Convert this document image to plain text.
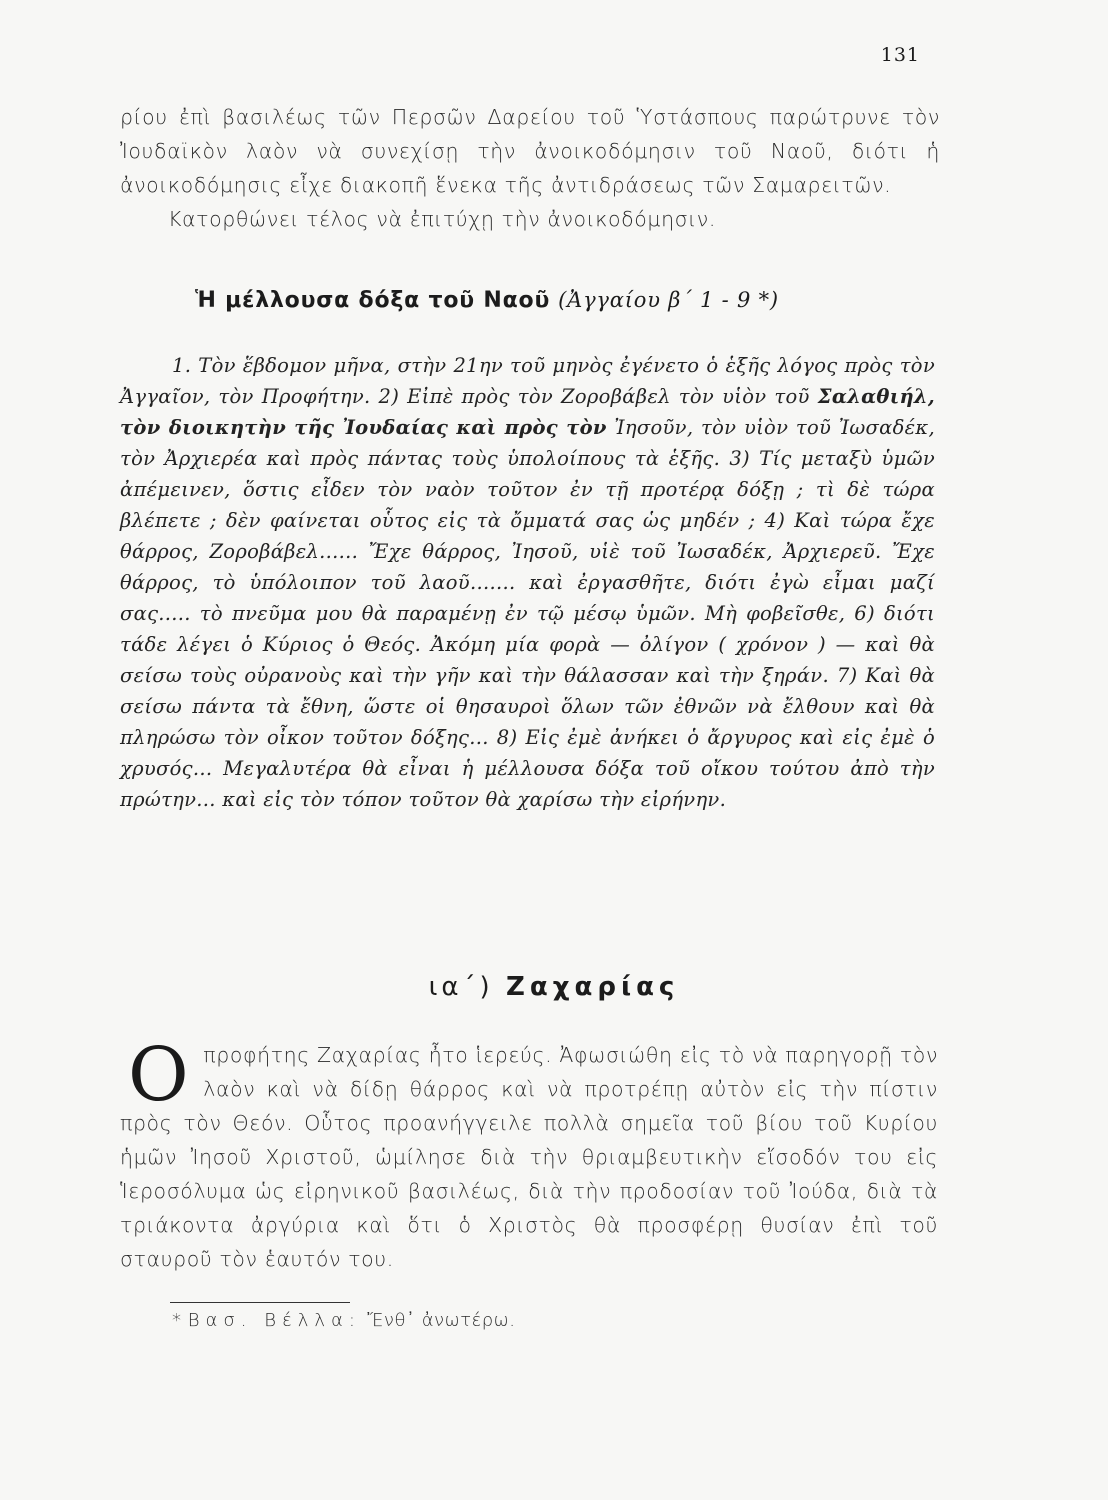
131

ρίου ἐπὶ βασιλέως τῶν Περσῶν Δαρείου τοῦ Ὑστάσπους παρώτρυνε τὸν Ἰουδαϊκὸν λαὸν νὰ συνεχίσῃ τὴν ἀνοικοδόμησιν τοῦ Ναοῦ, διότι ἡ ἀνοικοδόμησις εἶχε διακοπῆ ἕνεκα τῆς ἀντιδράσεως τῶν Σαμαρειτῶν.

Κατορθώνει τέλος νὰ ἐπιτύχῃ τὴν ἀνοικοδόμησιν.

Ἡ μέλλουσα δόξα τοῦ Ναοῦ (Ἀγγαίου β΄ 1 - 9 *)

1. Τὸν ἕβδομον μῆνα, στὴν 21ην τοῦ μηνὸς ἐγένετο ὁ ἑξῆς λόγος πρὸς τὸν Ἀγγαῖον, τὸν Προφήτην. 2) Εἰπὲ πρὸς τὸν Ζοροβάβελ τὸν υἱὸν τοῦ Σαλαθιήλ, τὸν διοικητὴν τῆς Ἰουδαίας καὶ πρὸς τὸν Ἰησοῦν, τὸν υἱὸν τοῦ Ἰωσαδέκ, τὸν Ἀρχιερέα καὶ πρὸς πάντας τοὺς ὑπολοίπους τὰ ἑξῆς. 3) Τίς μεταξὺ ὑμῶν ἀπέμεινεν, ὅστις εἶδεν τὸν ναὸν τοῦτον ἐν τῇ προτέρᾳ δόξῃ ; τὶ δὲ τώρα βλέπετε ; δὲν φαίνεται οὗτος εἰς τὰ ὄμματά σας ὡς μηδέν ; 4) Καὶ τώρα ἔχε θάρρος, Ζοροβάβελ...... Ἔχε θάρρος, Ἰησοῦ, υἱὲ τοῦ Ἰωσαδέκ, Ἀρχιερεῦ. Ἔχε θάρρος, τὸ ὑπόλοιπον τοῦ λαοῦ....... καὶ ἐργασθῆτε, διότι ἐγὼ εἶμαι μαζί σας..... τὸ πνεῦμα μου θὰ παραμένῃ ἐν τῷ μέσῳ ὑμῶν. Μὴ φοβεῖσθε, 6) διότι τάδε λέγει ὁ Κύριος ὁ Θεός. Ἀκόμη μία φορὰ — ὀλίγον ( χρόνον ) — καὶ θὰ σείσω τοὺς οὐρανοὺς καὶ τὴν γῆν καὶ τὴν θάλασσαν καὶ τὴν ξηράν. 7) Καὶ θὰ σείσω πάντα τὰ ἔθνη, ὥστε οἱ θησαυροὶ ὅλων τῶν ἐθνῶν νὰ ἔλθουν καὶ θὰ πληρώσω τὸν οἶκον τοῦτον δόξης... 8) Εἰς ἐμὲ ἀνήκει ὁ ἄργυρος καὶ εἰς ἐμὲ ὁ χρυσός... Μεγαλυτέρα θὰ εἶναι ἡ μέλλουσα δόξα τοῦ οἴκου τούτου ἀπὸ τὴν πρώτην... καὶ εἰς τὸν τόπον τοῦτον θὰ χαρίσω τὴν εἰρήνην.

ια΄) Ζαχαρίας
Ο προφήτης Ζαχαρίας ἦτο ἱερεύς. Ἀφωσιώθη εἰς τὸ νὰ παρηγορῇ τὸν λαὸν καὶ νὰ δίδῃ θάρρος καὶ νὰ προτρέπῃ αὐτὸν εἰς τὴν πίστιν πρὸς τὸν Θεόν. Οὗτος προανήγγειλε πολλὰ σημεῖα τοῦ βίου τοῦ Κυρίου ἡμῶν Ἰησοῦ Χριστοῦ, ὡμίλησε διὰ τὴν θριαμβευτικὴν εἴσοδόν του εἰς Ἱεροσόλυμα ὡς εἰρηνικοῦ βασιλέως, διὰ τὴν προδοσίαν τοῦ Ἰούδα, διὰ τὰ τριάκοντα ἀργύρια καὶ ὅτι ὁ Χριστὸς θὰ προσφέρῃ θυσίαν ἐπὶ τοῦ σταυροῦ τὸν ἑαυτόν του.

* Βασ. Βέλλα: Ἔνθ᾽ ἀνωτέρω.
